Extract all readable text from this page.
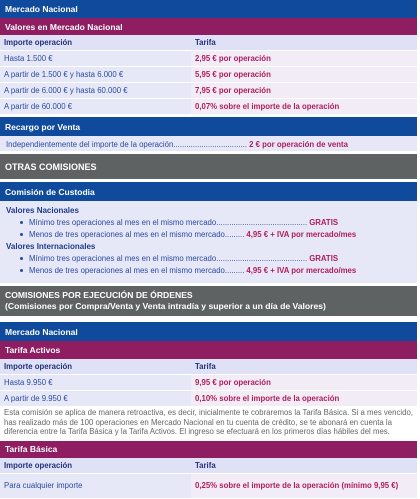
Mercado Nacional
Valores en Mercado Nacional
Importe operación	Tarifa
Hasta 1.500 €	2,95 € por operación
A partir de 1.500 € y hasta 6.000 €	5,95 € por operación
A partir de 6.000 € y hasta 60.000 €	7,95 € por operación
A partir de 60.000 €	0,07% sobre el importe de la operación
Recargo por Venta
Independientemente del importe de la operación.................................. 2 € por operación de venta
OTRAS COMISIONES
Comisión de Custodia
Valores Nacionales
Mínimo tres operaciones al mes en el mismo mercado.......................................... GRATIS
Menos de tres operaciones al mes en el mismo mercado......... 4,95 € + IVA por mercado/mes
Valores Internacionales
Mínimo tres operaciones al mes en el mismo mercado.......................................... GRATIS
Menos de tres operaciones al mes en el mismo mercado......... 4,95 € + IVA por mercado/mes
COMISIONES POR EJECUCIÓN DE ÓRDENES
(Comisiones por Compra/Venta y Venta intradía y superior a un día de Valores)
Mercado Nacional
Tarifa Activos
Importe operación	Tarifa
Hasta 9.950 €	9,95 € por operación
A partir de 9.950 €	0,10% sobre el importe de la operación
Esta comisión se aplica de manera retroactiva, es decir, inicialmente te cobraremos la Tarifa Básica. Si a mes vencido, has realizado más de 100 operaciones en Mercado Nacional en tu cuenta de crédito, se te abonará en cuenta la diferencia entre la Tarifa Básica y la Tarifa Activos. El ingreso se efectuará en los primeros días hábiles del mes.
Tarifa Básica
Importe operación	Tarifa
Para cualquier importe	0,25% sobre el importe de la operación (mínimo 9,95 €)
